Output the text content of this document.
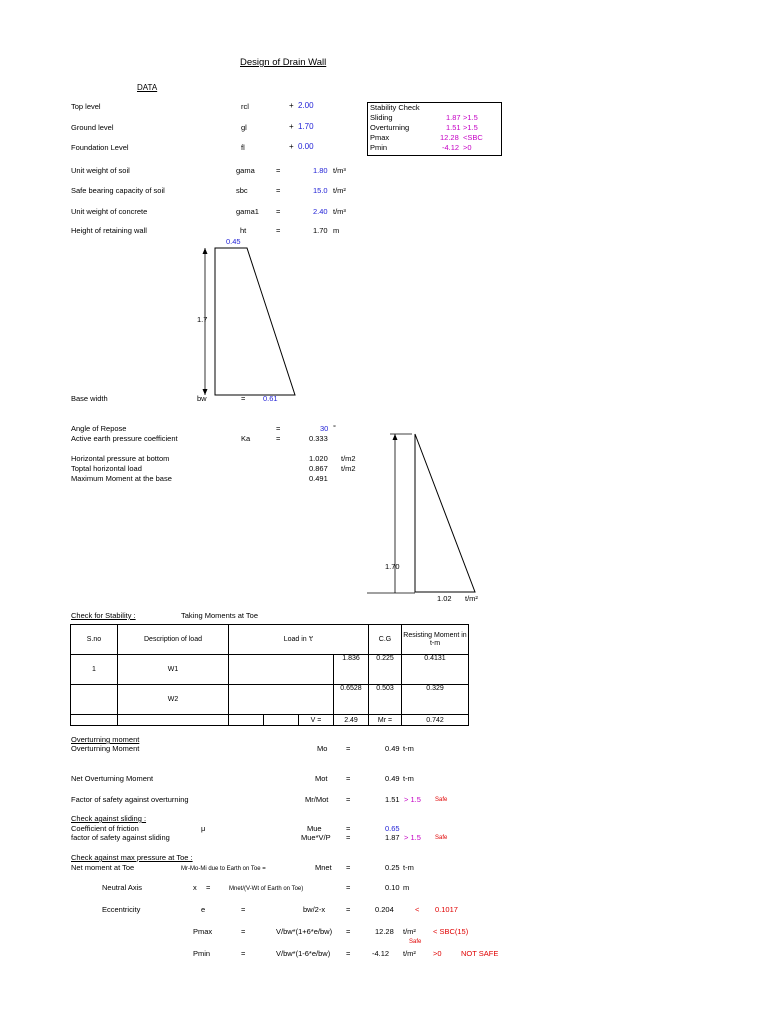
Design of Drain Wall
DATA
Top level	rcl	+ 2.00
Ground level	gl	+ 1.70
Foundation Level	fl	+ 0.00
Unit weight of soil	gama	=	1.80 t/m³
Safe bearing capacity of soil	sbc	=	15.0 t/m²
Unit weight of concrete	gama1 =	2.40 t/m³
Height of retaining wall	ht	=	1.70 m
Stability Check
Sliding	1.87 >1.5
Overturning	1.51 >1.5
Pmax	12.28 <SBC
Pmin	-4.12 >0
0.45
1.7
1.70
1.02 t/m²
Base width	bw	= 0.61
Angle of Repose	=	30 °
Active earth pressure coefficient	Ka	=	0.333
Horizontal pressure at bottom	1.020 t/m2
Toptal horizontal load	0.867 t/m2
Maximum Moment at the base	0.491
Check for Stability :	Taking Moments at Toe
S.no	Description of load	Load in 't'				C.G	Resisting Moment in t-m
1	W1				1.836	0.225	0.4131
	W2				0.6528	0.503	0.329
				V =	2.49	Mr =	0.742
Overturning moment
Overturning Moment	Mo =	0.49 t-m
Net Overturning Moment	Mot =	0.49 t-m
Factor of safety against overturning	Mr/Mot =	1.51 > 1.5 Safe
Check against sliding :
Coefficient of friction	μ	Mue	=	0.65
factor of safety against sliding	Mue*V/P =	1.87 > 1.5 Safe
Check against max pressure at Toe :
Net moment at Toe	Mr-Mo-Mi due to Earth on Toe =	Mnet =	0.25 t-m
Neutral Axis	x =	Mnet/(V-Wt of Earth on Toe)	=	0.10 m
Eccentricity	e	=	bw/2-x	=	0.204	< 0.1017
Pmax	=	V/bw*(1+6*e/bw) =	12.28 t/m² < SBC(15)
Safe
Pmin	=	V/bw*(1-6*e/bw) =	-4.12 t/m² >0	NOT SAFE
